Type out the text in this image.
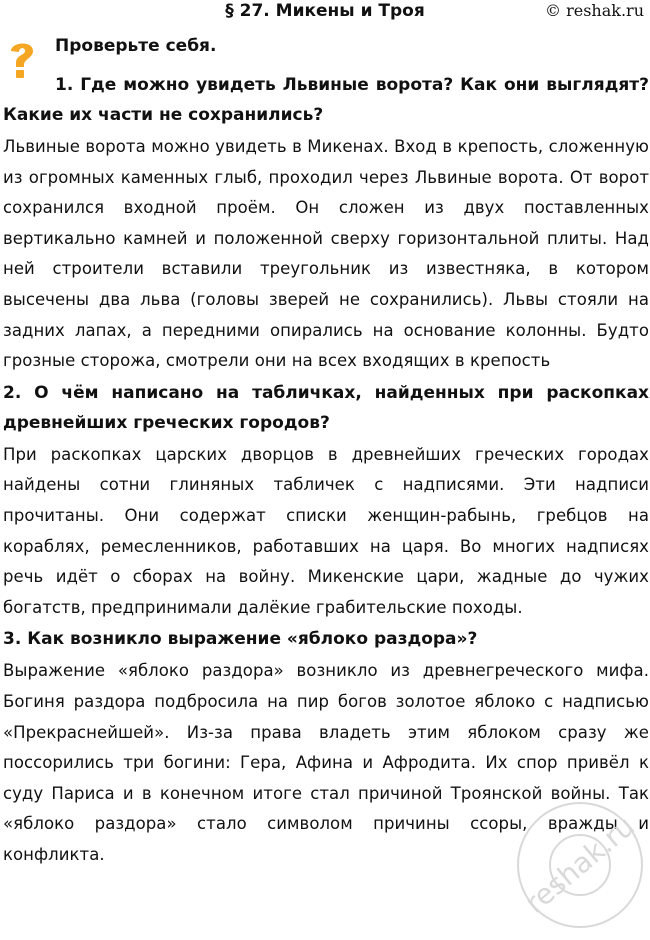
§ 27. Микены и Троя	© reshak.ru
Проверьте себя.

1. Где можно увидеть Львиные ворота? Как они выглядят? Какие их части не сохранились?

Львиные ворота можно увидеть в Микенах. Вход в крепость, сложенную из огромных каменных глыб, проходил через Львиные ворота. От ворот сохранился входной проём. Он сложен из двух поставленных вертикально камней и положенной сверху горизонтальной плиты. Над ней строители вставили треугольник из известняка, в котором высечены два льва (головы зверей не сохранились). Львы стояли на задних лапах, а передними опирались на основание колонны. Будто грозные сторожа, смотрели они на всех входящих в крепость

2. О чём написано на табличках, найденных при раскопках древнейших греческих городов?

При раскопках царских дворцов в древнейших греческих городах найдены сотни глиняных табличек с надписями. Эти надписи прочитаны. Они содержат списки женщин-рабынь, гребцов на кораблях, ремесленников, работавших на царя. Во многих надписях речь идёт о сборах на войну. Микенские цари, жадные до чужих богатств, предпринимали далёкие грабительские походы.

3. Как возникло выражение «яблоко раздора»?

Выражение «яблоко раздора» возникло из древнегреческого мифа. Богиня раздора подбросила на пир богов золотое яблоко с надписью «Прекраснейшей». Из-за права владеть этим яблоком сразу же поссорились три богини: Гера, Афина и Афродита. Их спор привёл к суду Париса и в конечном итоге стал причиной Троянской войны. Так «яблоко раздора» стало символом причины ссоры, вражды и конфликта.	reshak.ru
